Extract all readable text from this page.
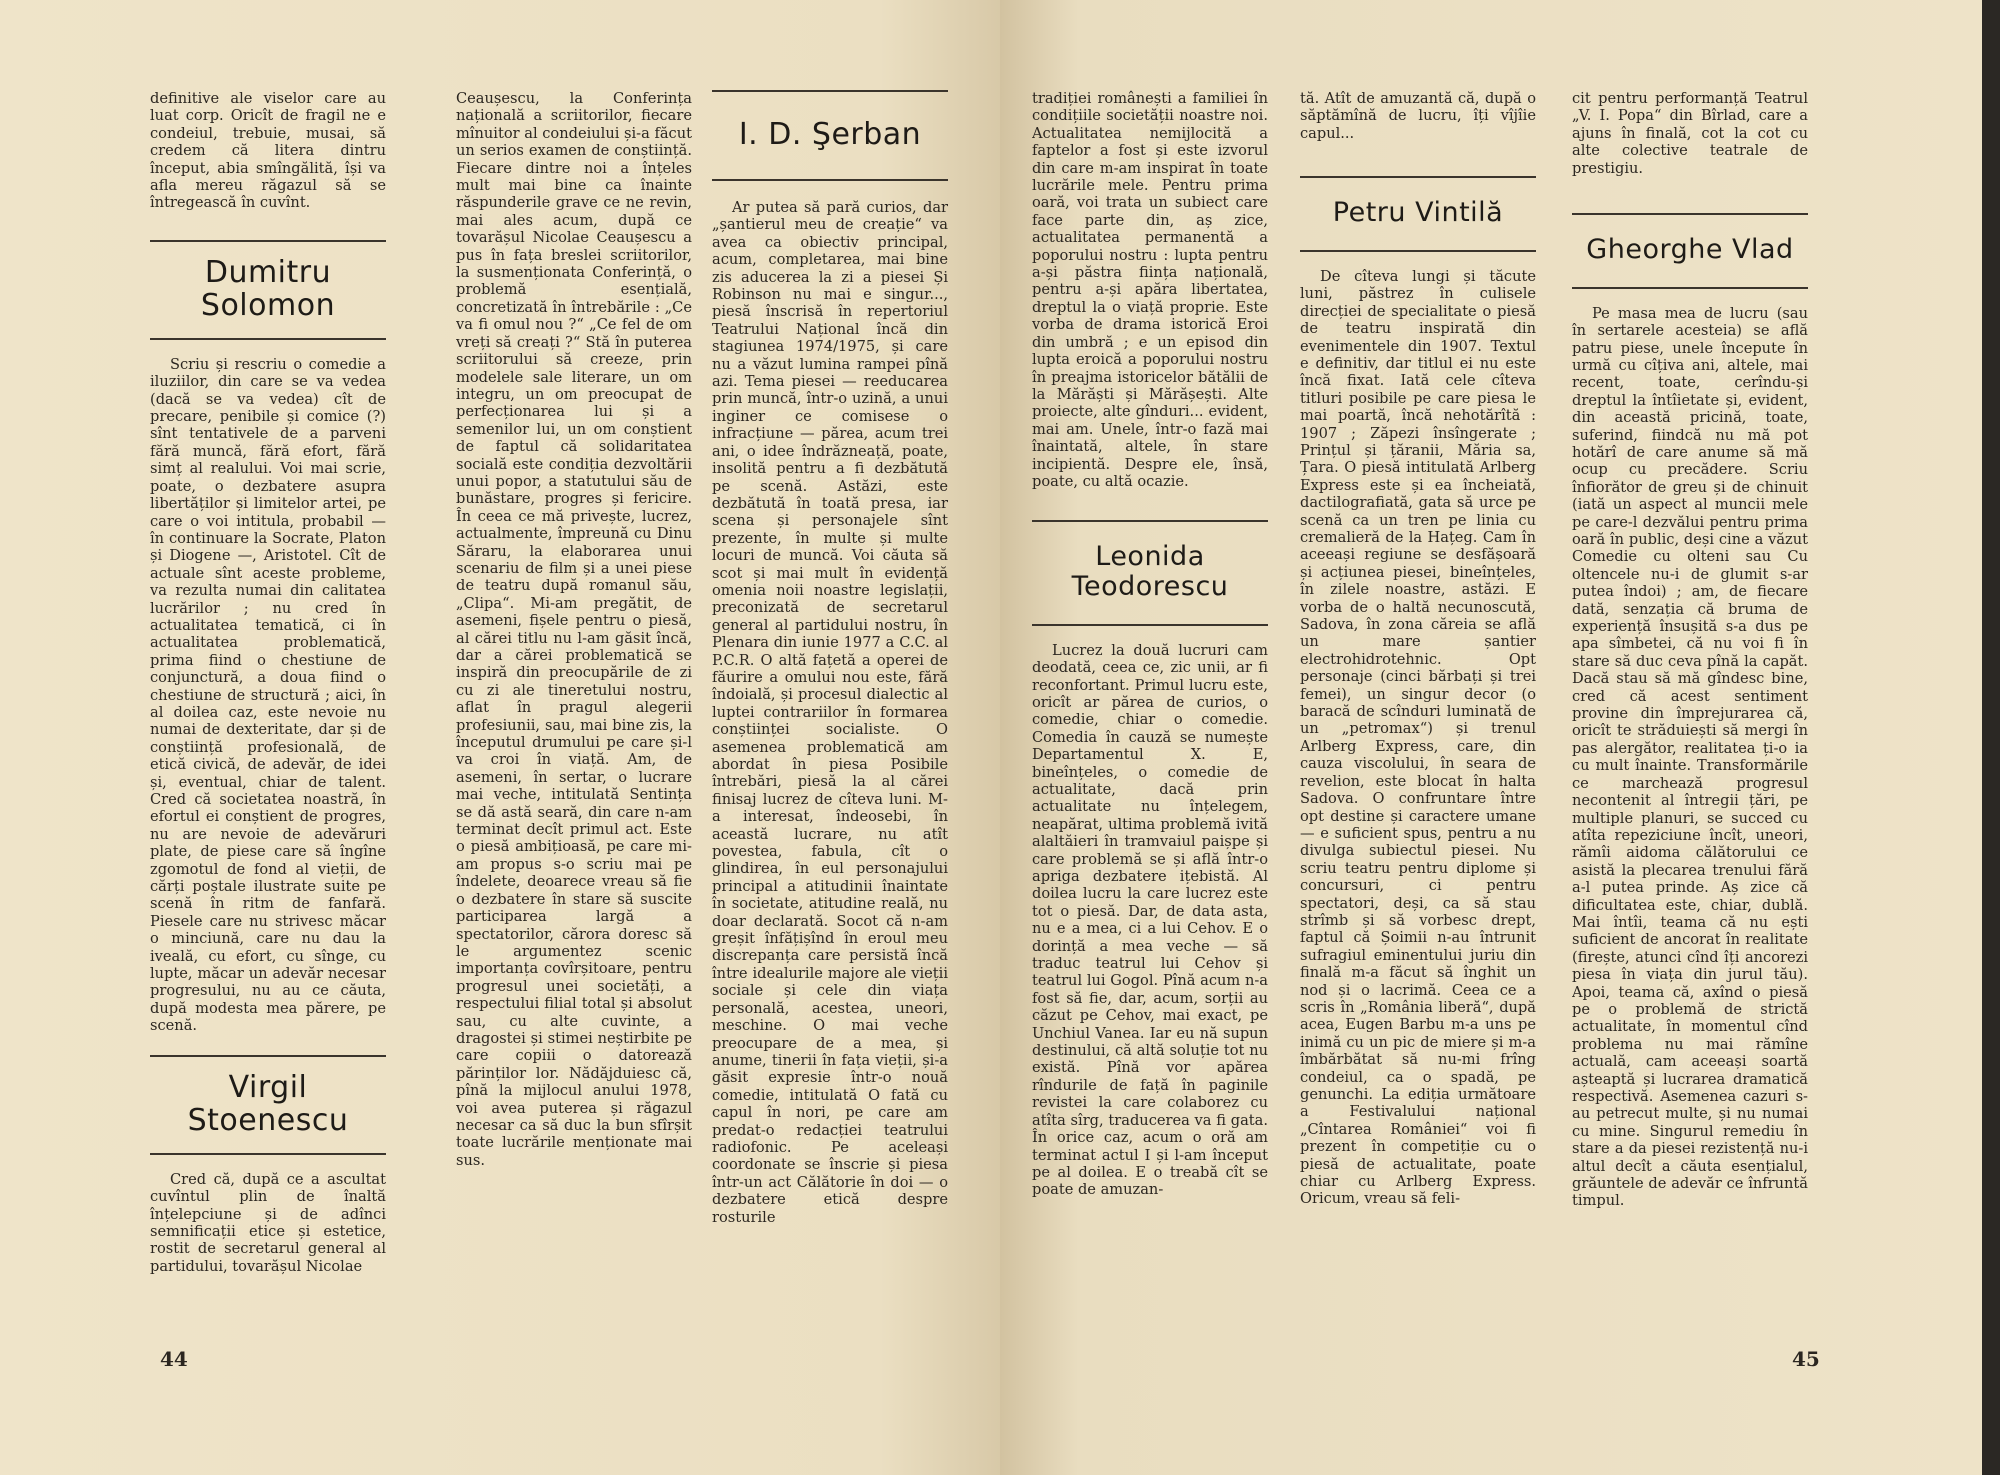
definitive ale viselor care au luat corp. Oricît de fragil ne e condeiul, trebuie, musai, să credem că litera dintru început, abia smîngălită, își va afla mereu răgazul să se întregească în cuvînt.

Dumitru Solomon

Scriu și rescriu o comedie a iluziilor, din care se va vedea (dacă se va vedea) cît de precare, penibile și comice (?) sînt tentativele de a parveni fără muncă, fără efort, fără simț al realului. Voi mai scrie, poate, o dezbatere asupra libertăților și limitelor artei, pe care o voi intitula, probabil — în continuare la Socrate, Platon și Diogene —, Aristotel. Cît de actuale sînt aceste probleme, va rezulta numai din calitatea lucrărilor ; nu cred în actualitatea tematică, ci în actualitatea problematică, prima fiind o chestiune de conjunctură, a doua fiind o chestiune de structură ; aici, în al doilea caz, este nevoie nu numai de dexteritate, dar și de conștiință profesională, de etică civică, de adevăr, de idei și, eventual, chiar de talent. Cred că societatea noastră, în efortul ei conștient de progres, nu are nevoie de adevăruri plate, de piese care să îngîne zgomotul de fond al vieții, de cărți poștale ilustrate suite pe scenă în ritm de fanfară. Piesele care nu strivesc măcar o minciună, care nu dau la iveală, cu efort, cu sînge, cu lupte, măcar un adevăr necesar progresului, nu au ce căuta, după modesta mea părere, pe scenă.

Virgil Stoenescu

Cred că, după ce a ascultat cuvîntul plin de înaltă înțelepciune și de adînci semnificații etice și estetice, rostit de secretarul general al partidului, tovarășul Nicolae

Ceaușescu, la Conferința națională a scriitorilor, fiecare mînuitor al condeiului și-a făcut un serios examen de conștiință. Fiecare dintre noi a înțeles mult mai bine ca înainte răspunderile grave ce ne revin, mai ales acum, după ce tovarășul Nicolae Ceaușescu a pus în fața breslei scriitorilor, la susmenționata Conferință, o problemă esențială, concretizată în întrebările : „Ce va fi omul nou ?“ „Ce fel de om vreți să creați ?“ Stă în puterea scriitorului să creeze, prin modelele sale literare, un om integru, un om preocupat de perfecționarea lui și a semenilor lui, un om conștient de faptul că solidaritatea socială este condiția dezvoltării unui popor, a statutului său de bunăstare, progres și fericire. În ceea ce mă privește, lucrez, actualmente, împreună cu Dinu Săraru, la elaborarea unui scenariu de film și a unei piese de teatru după romanul său, „Clipa“. Mi-am pregătit, de asemeni, fișele pentru o piesă, al cărei titlu nu l-am găsit încă, dar a cărei problematică se inspiră din preocupările de zi cu zi ale tineretului nostru, aflat în pragul alegerii profesiunii, sau, mai bine zis, la începutul drumului pe care și-l va croi în viață. Am, de asemeni, în sertar, o lucrare mai veche, intitulată Sentința se dă astă seară, din care n-am terminat decît primul act. Este o piesă ambițioasă, pe care mi-am propus s-o scriu mai pe îndelete, deoarece vreau să fie o dezbatere în stare să suscite participarea largă a spectatorilor, cărora doresc să le argumentez scenic importanța covîrșitoare, pentru progresul unei societăți, a respectului filial total și absolut sau, cu alte cuvinte, a dragostei și stimei neștirbite pe care copiii o datorează părinților lor. Nădăjduiesc că, pînă la mijlocul anului 1978, voi avea puterea și răgazul necesar ca să duc la bun sfîrșit toate lucrările menționate mai sus.

I. D. Şerban

Ar putea să pară curios, dar „șantierul meu de creație“ va avea ca obiectiv principal, acum, completarea, mai bine zis aducerea la zi a piesei Și Robinson nu mai e singur..., piesă înscrisă în repertoriul Teatrului Național încă din stagiunea 1974/1975, și care nu a văzut lumina rampei pînă azi. Tema piesei — reeducarea prin muncă, într-o uzină, a unui inginer ce comisese o infracțiune — părea, acum trei ani, o idee îndrăzneață, poate, insolită pentru a fi dezbătută pe scenă. Astăzi, este dezbătută în toată presa, iar scena și personajele sînt prezente, în multe și multe locuri de muncă. Voi căuta să scot și mai mult în evidență omenia noii noastre legislații, preconizată de secretarul general al partidului nostru, în Plenara din iunie 1977 a C.C. al P.C.R. O altă fațetă a operei de făurire a omului nou este, fără îndoială, și procesul dialectic al luptei contrariilor în formarea conștiinței socialiste. O asemenea problematică am abordat în piesa Posibile întrebări, piesă la al cărei finisaj lucrez de cîteva luni. M-a interesat, îndeosebi, în această lucrare, nu atît povestea, fabula, cît o glindirea, în eul personajului principal a atitudinii înaintate în societate, atitudine reală, nu doar declarată. Socot că n-am greșit înfățișînd în eroul meu discrepanța care persistă încă între idealurile majore ale vieții sociale și cele din viața personală, acestea, uneori, meschine. O mai veche preocupare de a mea, și anume, tinerii în fața vieții, și-a găsit expresie într-o nouă comedie, intitulată O fată cu capul în nori, pe care am predat-o redacției teatrului radiofonic. Pe aceleași coordonate se înscrie și piesa într-un act Călătorie în doi — o dezbatere etică despre rosturile

44

tradiției românești a familiei în condițiile societății noastre noi. Actualitatea nemijlocită a faptelor a fost și este izvorul din care m-am inspirat în toate lucrările mele. Pentru prima oară, voi trata un subiect care face parte din, aș zice, actualitatea permanentă a poporului nostru : lupta pentru a-și păstra ființa națională, pentru a-și apăra libertatea, dreptul la o viață proprie. Este vorba de drama istorică Eroi din umbră ; e un episod din lupta eroică a poporului nostru în preajma istoricelor bătălii de la Mărăști și Mărășești. Alte proiecte, alte gînduri... evident, mai am. Unele, într-o fază mai înaintată, altele, în stare incipientă. Despre ele, însă, poate, cu altă ocazie.

Leonida Teodorescu

Lucrez la două lucruri cam deodată, ceea ce, zic unii, ar fi reconfortant. Primul lucru este, oricît ar părea de curios, o comedie, chiar o comedie. Comedia în cauză se numește Departamentul X. E, bineînțeles, o comedie de actualitate, dacă prin actualitate nu înțelegem, neapărat, ultima problemă ivită alaltăieri în tramvaiul paișpe și care problemă se și află într-o apriga dezbatere ițebistă. Al doilea lucru la care lucrez este tot o piesă. Dar, de data asta, nu e a mea, ci a lui Cehov. E o dorință a mea veche — să traduc teatrul lui Cehov și teatrul lui Gogol. Pînă acum n-a fost să fie, dar, acum, sorții au căzut pe Cehov, mai exact, pe Unchiul Vanea. Iar eu nă supun destinului, că altă soluție tot nu există. Pînă vor apărea rîndurile de față în paginile revistei la care colaborez cu atîta sîrg, traducerea va fi gata. În orice caz, acum o oră am terminat actul I și l-am început pe al doilea. E o treabă cît se poate de amuzan-

tă. Atît de amuzantă că, după o săptămînă de lucru, îți vîjîie capul...

Petru Vintilă

De cîteva lungi și tăcute luni, păstrez în culisele direcției de specialitate o piesă de teatru inspirată din evenimentele din 1907. Textul e definitiv, dar titlul ei nu este încă fixat. Iată cele cîteva titluri posibile pe care piesa le mai poartă, încă nehotărîtă : 1907 ; Zăpezi însîngerate ; Prințul și țăranii, Măria sa, Țara. O piesă intitulată Arlberg Express este și ea încheiată, dactilografiată, gata să urce pe scenă ca un tren pe linia cu cremalieră de la Hațeg. Cam în aceeași regiune se desfășoară și acțiunea piesei, bineînțeles, în zilele noastre, astăzi. E vorba de o haltă necunoscută, Sadova, în zona căreia se află un mare șantier electrohidrotehnic. Opt personaje (cinci bărbați și trei femei), un singur decor (o baracă de scînduri luminată de un „petromax“) și trenul Arlberg Express, care, din cauza viscolului, în seara de revelion, este blocat în halta Sadova. O confruntare între opt destine și caractere umane — e suficient spus, pentru a nu divulga subiectul piesei. Nu scriu teatru pentru diplome și concursuri, ci pentru spectatori, deși, ca să stau strîmb și să vorbesc drept, faptul că Șoimii n-au întrunit sufragiul eminentului juriu din finală m-a făcut să înghit un nod și o lacrimă. Ceea ce a scris în „România liberă“, după acea, Eugen Barbu m-a uns pe inimă cu un pic de miere și m-a îmbărbătat să nu-mi frîng condeiul, ca o spadă, pe genunchi. La ediția următoare a Festivalului național „Cîntarea României“ voi fi prezent în competiție cu o piesă de actualitate, poate chiar cu Arlberg Express. Oricum, vreau să feli-

cit pentru performanță Teatrul „V. I. Popa“ din Bîrlad, care a ajuns în finală, cot la cot cu alte colective teatrale de prestigiu.

Gheorghe Vlad

Pe masa mea de lucru (sau în sertarele acesteia) se află patru piese, unele începute în urmă cu cîțiva ani, altele, mai recent, toate, cerîndu-și dreptul la întîietate și, evident, din această pricină, toate, suferind, fiindcă nu mă pot hotărî de care anume să mă ocup cu precădere. Scriu înfiorător de greu și de chinuit (iată un aspect al muncii mele pe care-l dezvălui pentru prima oară în public, deși cine a văzut Comedie cu olteni sau Cu oltencele nu-i de glumit s-ar putea îndoi) ; am, de fiecare dată, senzația că bruma de experiență însușită s-a dus pe apa sîmbetei, că nu voi fi în stare să duc ceva pînă la capăt. Dacă stau să mă gîndesc bine, cred că acest sentiment provine din împrejurarea că, oricît te străduiești să mergi în pas alergător, realitatea ți-o ia cu mult înainte. Transformările ce marchează progresul necontenit al întregii țări, pe multiple planuri, se succed cu atîta repeziciune încît, uneori, rămîi aidoma călătorului ce asistă la plecarea trenului fără a-l putea prinde. Aș zice că dificultatea este, chiar, dublă. Mai întîi, teama că nu ești suficient de ancorat în realitate (firește, atunci cînd îți ancorezi piesa în viața din jurul tău). Apoi, teama că, axînd o piesă pe o problemă de strictă actualitate, în momentul cînd problema nu mai rămîne actuală, cam aceeași soartă așteaptă și lucrarea dramatică respectivă. Asemenea cazuri s-au petrecut multe, și nu numai cu mine. Singurul remediu în stare a da piesei rezistență nu-i altul decît a căuta esențialul, grăuntele de adevăr ce înfruntă timpul.

45
